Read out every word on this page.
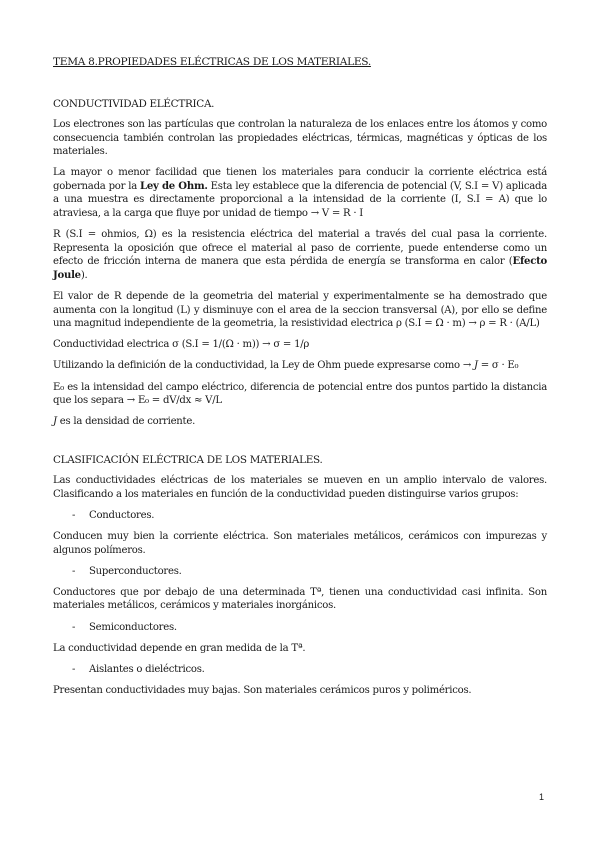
TEMA 8.PROPIEDADES ELÉCTRICAS DE LOS MATERIALES.
CONDUCTIVIDAD ELÉCTRICA.

Los electrones son las partículas que controlan la naturaleza de los enlaces entre los átomos y como consecuencia también controlan las propiedades eléctricas, térmicas, magnéticas y ópticas de los materiales.

La mayor o menor facilidad que tienen los materiales para conducir la corriente eléctrica está gobernada por la Ley de Ohm. Esta ley establece que la diferencia de potencial (V, S.I = V) aplicada a una muestra es directamente proporcional a la intensidad de la corriente (I, S.I = A) que lo atraviesa, a la carga que fluye por unidad de tiempo → V = R · I

R (S.I = ohmios, Ω) es la resistencia eléctrica del material a través del cual pasa la corriente. Representa la oposición que ofrece el material al paso de corriente, puede entenderse como un efecto de fricción interna de manera que esta pérdida de energía se transforma en calor (Efecto Joule).

El valor de R depende de la geometria del material y experimentalmente se ha demostrado que aumenta con la longitud (L) y disminuye con el area de la seccion transversal (A), por ello se define una magnitud independiente de la geometria, la resistividad electrica ρ (S.I = Ω · m) → ρ = R · (A/L)

Conductividad electrica σ (S.I = 1/(Ω · m)) → σ = 1/ρ

Utilizando la definición de la conductividad, la Ley de Ohm puede expresarse como → J = σ · E₀

E₀ es la intensidad del campo eléctrico, diferencia de potencial entre dos puntos partido la distancia que los separa → E₀ = dV/dx ≈ V/L

J es la densidad de corriente.

CLASIFICACIÓN ELÉCTRICA DE LOS MATERIALES.

Las conductividades eléctricas de los materiales se mueven en un amplio intervalo de valores. Clasificando a los materiales en función de la conductividad pueden distinguirse varios grupos:

- Conductores.

Conducen muy bien la corriente eléctrica. Son materiales metálicos, cerámicos con impurezas y algunos polímeros.

- Superconductores.

Conductores que por debajo de una determinada Tª, tienen una conductividad casi infinita. Son materiales metálicos, cerámicos y materiales inorgánicos.

- Semiconductores.

La conductividad depende en gran medida de la Tª.

- Aislantes o dieléctricos.

Presentan conductividades muy bajas. Son materiales cerámicos puros y poliméricos.

1
